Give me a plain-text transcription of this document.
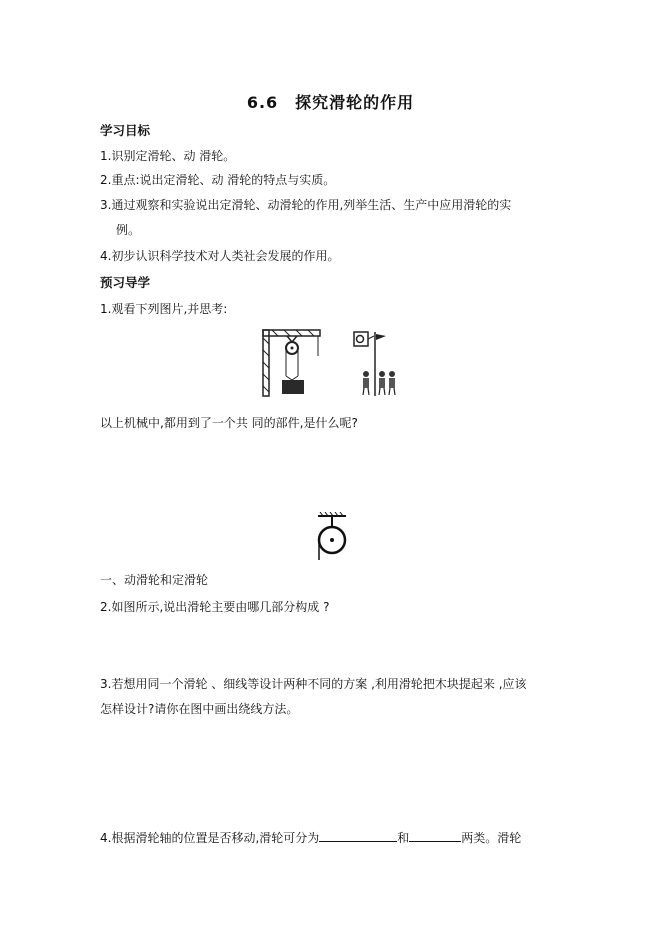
6.6　探究滑轮的作用
学习目标
1.识别定滑轮、动 滑轮。
2.重点:说出定滑轮、动 滑轮的特点与实质。
3.通过观察和实验说出定滑轮、动滑轮的作用,列举生活、生产中应用滑轮的实
例。
4.初步认识科学技术对人类社会发展的作用。
预习导学
1.观看下列图片,并思考:
以上机械中,都用到了一个共 同的部件,是什么呢?
一、动滑轮和定滑轮
2.如图所示,说出滑轮主要由哪几部分构成 ?
3.若想用同一个滑轮 、细线等设计两种不同的方案 ,利用滑轮把木块提起来 ,应该
怎样设计?请你在图中画出绕线方法。
4.根据滑轮轴的位置是否移动,滑轮可分为	和	两类。滑轮
